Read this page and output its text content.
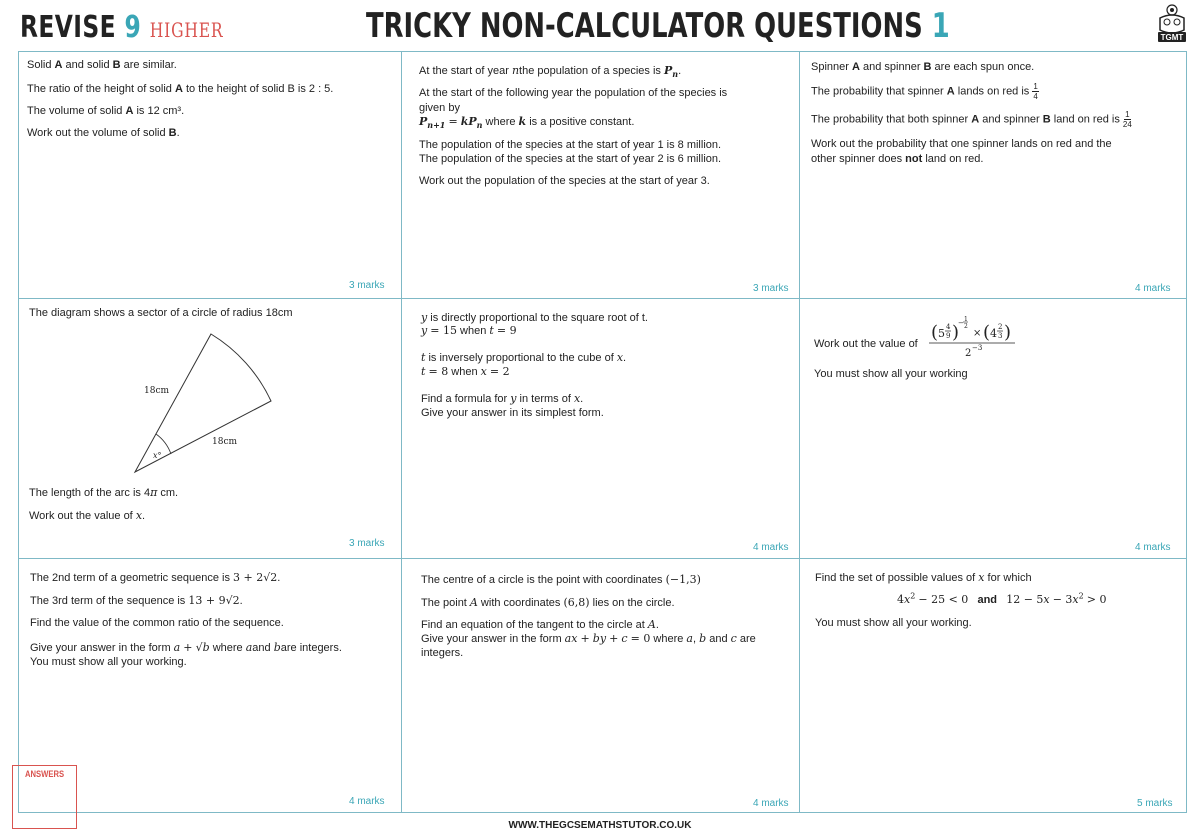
REVISE 9 HIGHER	TRICKY NON-CALCULATOR QUESTIONS 1	TGMT

Solid A and solid B are similar.

The ratio of the height of solid A to the height of solid B is 2 : 5.

The volume of solid A is 12 cm³.

Work out the volume of solid B.

3 marks

At the start of year nthe population of a species is $P_n$.

At the start of the following year the population of the species is

given by

$P_{n+1} = kP_n$ where k is a positive constant.

The population of the species at the start of year 1 is 8 million.

The population of the species at the start of year 2 is 6 million.

Work out the population of the species at the start of year 3.

3 marks

Spinner A and spinner B are each spun once.

The probability that spinner A lands on red is $\frac{1}{4}$

The probability that both spinner A and spinner B land on red is $\frac{1}{24}$

Work out the probability that one spinner lands on red and the

other spinner does not land on red.

4 marks

The diagram shows a sector of a circle of radius 18cm

18cm
18cm
x°

The length of the arc is 4π cm.

Work out the value of x.

3 marks

y is directly proportional to the square root of t.

y = 15 when t = 9

t is inversely proportional to the cube of x.

t = 8 when x = 2

Find a formula for y in terms of x.

Give your answer in its simplest form.

4 marks

Work out the value of

( 5 4
9 )
− 1
2
× ( 4 2
3 )
2 −3

You must show all your working

4 marks

The 2nd term of a geometric sequence is 3 + 2√2.

The 3rd term of the sequence is 13 + 9√2.

Find the value of the common ratio of the sequence.

Give your answer in the form a + √b where aand bare integers.

You must show all your working.

4 marks

The centre of a circle is the point with coordinates (−1,3)

The point A with coordinates (6,8) lies on the circle.

Find an equation of the tangent to the circle at A.

Give your answer in the form ax + by + c = 0 where a, b and c are

integers.

4 marks

Find the set of possible values of x for which

$4x^2 - 25 < 0$ and $12 - 5x - 3x^2 > 0$

You must show all your working.

5 marks
ANSWERS
WWW.THEGCSEMATHSTUTOR.CO.UK
